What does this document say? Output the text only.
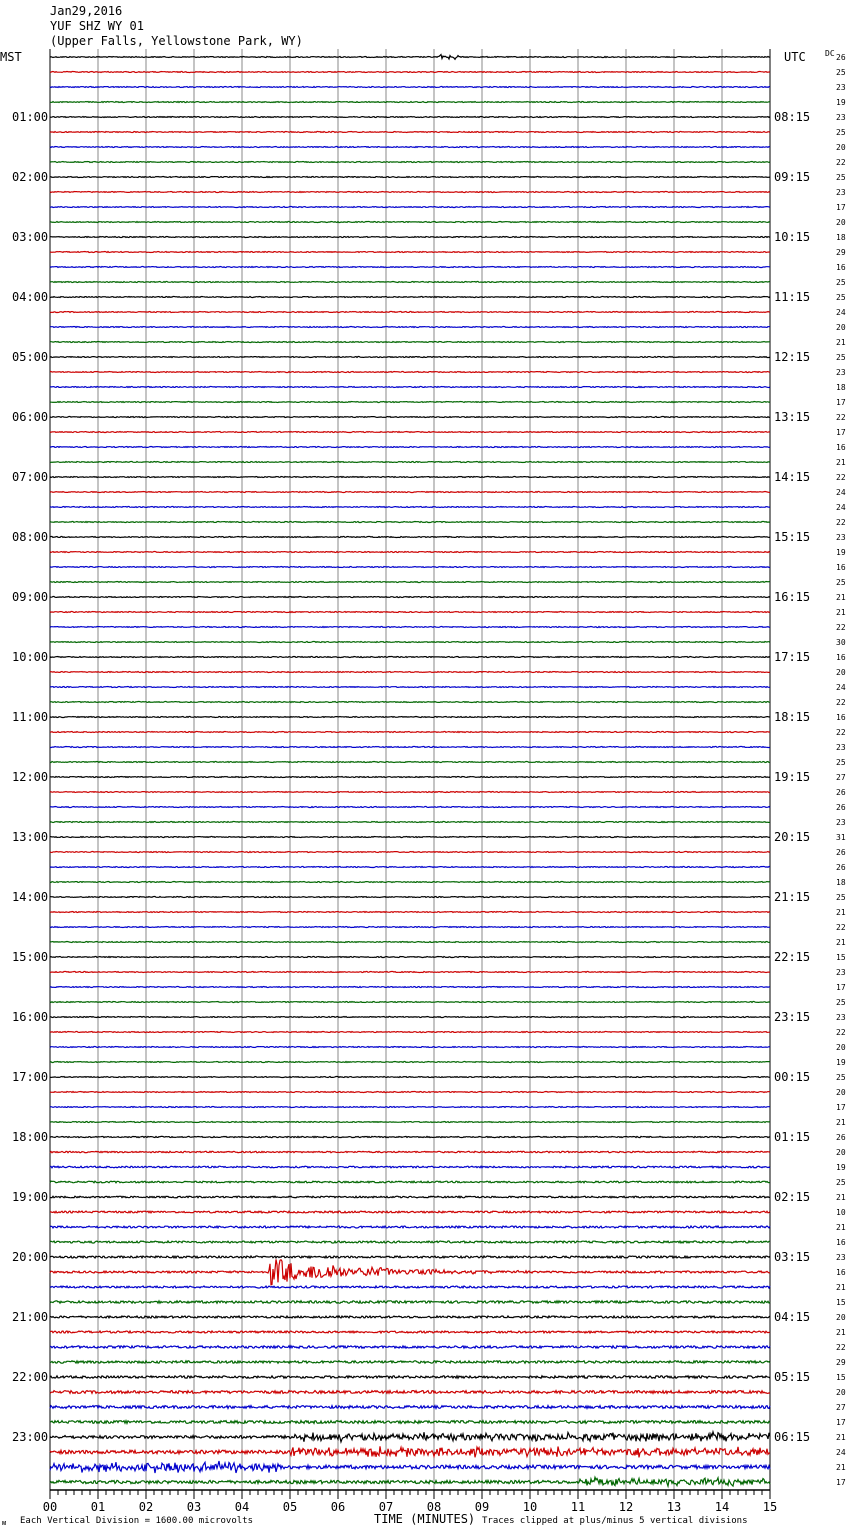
00	01	02	03	04	05	06	07	08	09	10	11	12	13	14	15
Jan29,2016
YUF SHZ WY 01
(Upper Falls, Yellowstone Park, WY)
MST	UTC DC
01:00
02:00
03:00
04:00
05:00
06:00
07:00
08:00
09:00
10:00
11:00
12:00
13:00
14:00
15:00
16:00
17:00
18:00
19:00
20:00
21:00
22:00
23:00
08:15
09:15
10:15
11:15
12:15
13:15
14:15
15:15
16:15
17:15
18:15
19:15
20:15
21:15
22:15
23:15
00:15
01:15
02:15
03:15
04:15
05:15
06:15
26
25
23
19
23
25
20
22
25
23
17
20
18
29
16
25
25
24
20
21
25
23
18
17
22
17
16
21
22
24
24
22
23
19
16
25
21
21
22
30
16
20
24
22
16
22
23
25
27
26
26
23
31
26
26
18
25
21
22
21
15
23
17
25
23
22
20
19
25
20
17
21
26
20
19
25
21
10
21
16
23
16
21
15
20
21
22
29
15
20
27
17
21
24
21
17
TIME (MINUTES)
Each Vertical Division = 1600.00 microvolts	Traces clipped at plus/minus 5 vertical divisions
ᴍ
